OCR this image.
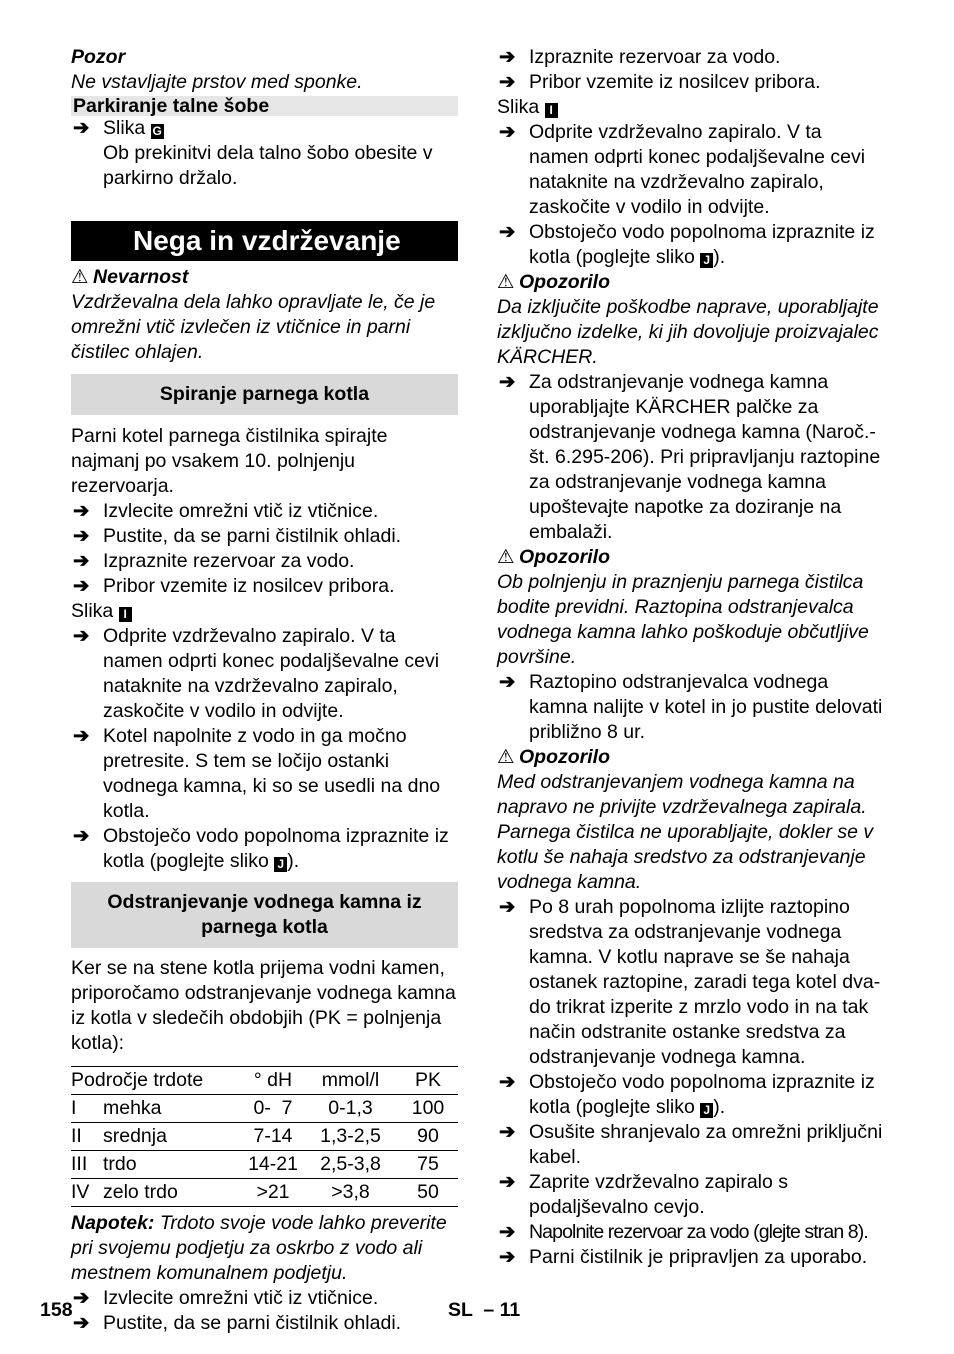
Pozor

Ne vstavljajte prstov med sponke.

Parkiranje talne šobe
➔ Slika G

Ob prekinitvi dela talno šobo obesite v parkirno držalo.

Nega in vzdrževanje

⚠ Nevarnost

Vzdrževalna dela lahko opravljate le, če je omrežni vtič izvlečen iz vtičnice in parni čistilec ohlajen.

Spiranje parnega kotla

Parni kotel parnega čistilnika spirajte najmanj po vsakem 10. polnjenju rezervoarja.

➔ Izvlecite omrežni vtič iz vtičnice.
➔ Pustite, da se parni čistilnik ohladi.
➔ Izpraznite rezervoar za vodo.
➔ Pribor vzemite iz nosilcev pribora.

Slika I

➔ Odprite vzdrževalno zapiralo. V ta namen odprti konec podaljševalne cevi nataknite na vzdrževalno zapiralo, zaskočite v vodilo in odvijte.
➔ Kotel napolnite z vodo in ga močno pretresite. S tem se ločijo ostanki vodnega kamna, ki so se usedli na dno kotla.
➔ Obstoječo vodo popolnoma izpraznite iz kotla (poglejte sliko J ).
Odstranjevanje vodnega kamna iz parnega kotla

Ker se na stene kotla prijema vodni kamen, priporočamo odstranjevanje vodnega kamna iz kotla v sledečih obdobjih (PK = polnjenja kotla):

Področje trdote		° dH	mmol/l	PK
I	mehka	0-  7	0-1,3	100
II	srednja	7-14	1,3-2,5	90
III	trdo	14-21	2,5-3,8	75
IV	zelo trdo	>21	>3,8	50

Napotek: Trdoto svoje vode lahko preverite pri svojemu podjetju za oskrbo z vodo ali mestnem komunalnem podjetju.

➔ Izvlecite omrežni vtič iz vtičnice.
➔ Pustite, da se parni čistilnik ohladi.
➔ Izpraznite rezervoar za vodo.
➔ Pribor vzemite iz nosilcev pribora.

Slika I

➔ Odprite vzdrževalno zapiralo. V ta namen odprti konec podaljševalne cevi nataknite na vzdrževalno zapiralo, zaskočite v vodilo in odvijte.
➔ Obstoječo vodo popolnoma izpraznite iz kotla (poglejte sliko J ).

⚠ Opozorilo

Da izključite poškodbe naprave, uporabljajte izključno izdelke, ki jih dovoljuje proizvajalec KÄRCHER.

➔ Za odstranjevanje vodnega kamna uporabljajte KÄRCHER palčke za odstranjevanje vodnega kamna (Naroč.-št. 6.295-206). Pri pripravljanju raztopine za odstranjevanje vodnega kamna upoštevajte napotke za doziranje na embalaži.

⚠ Opozorilo

Ob polnjenju in praznjenju parnega čistilca bodite previdni. Raztopina odstranjevalca vodnega kamna lahko poškoduje občutljive površine.

➔ Raztopino odstranjevalca vodnega kamna nalijte v kotel in jo pustite delovati približno 8 ur.

⚠ Opozorilo

Med odstranjevanjem vodnega kamna na napravo ne privijte vzdrževalnega zapirala. Parnega čistilca ne uporabljajte, dokler se v kotlu še nahaja sredstvo za odstranjevanje vodnega kamna.

➔ Po 8 urah popolnoma izlijte raztopino sredstva za odstranjevanje vodnega kamna. V kotlu naprave se še nahaja ostanek raztopine, zaradi tega kotel dva- do trikrat izperite z mrzlo vodo in na tak način odstranite ostanke sredstva za odstranjevanje vodnega kamna.
➔ Obstoječo vodo popolnoma izpraznite iz kotla (poglejte sliko J ).
➔ Osušite shranjevalo za omrežni priključni kabel.
➔ Zaprite vzdrževalno zapiralo s podaljševalno cevjo.
➔ Napolnite rezervoar za vodo (glejte stran 8).
➔ Parni čistilnik je pripravljen za uporabo.
158	SL  – 11
